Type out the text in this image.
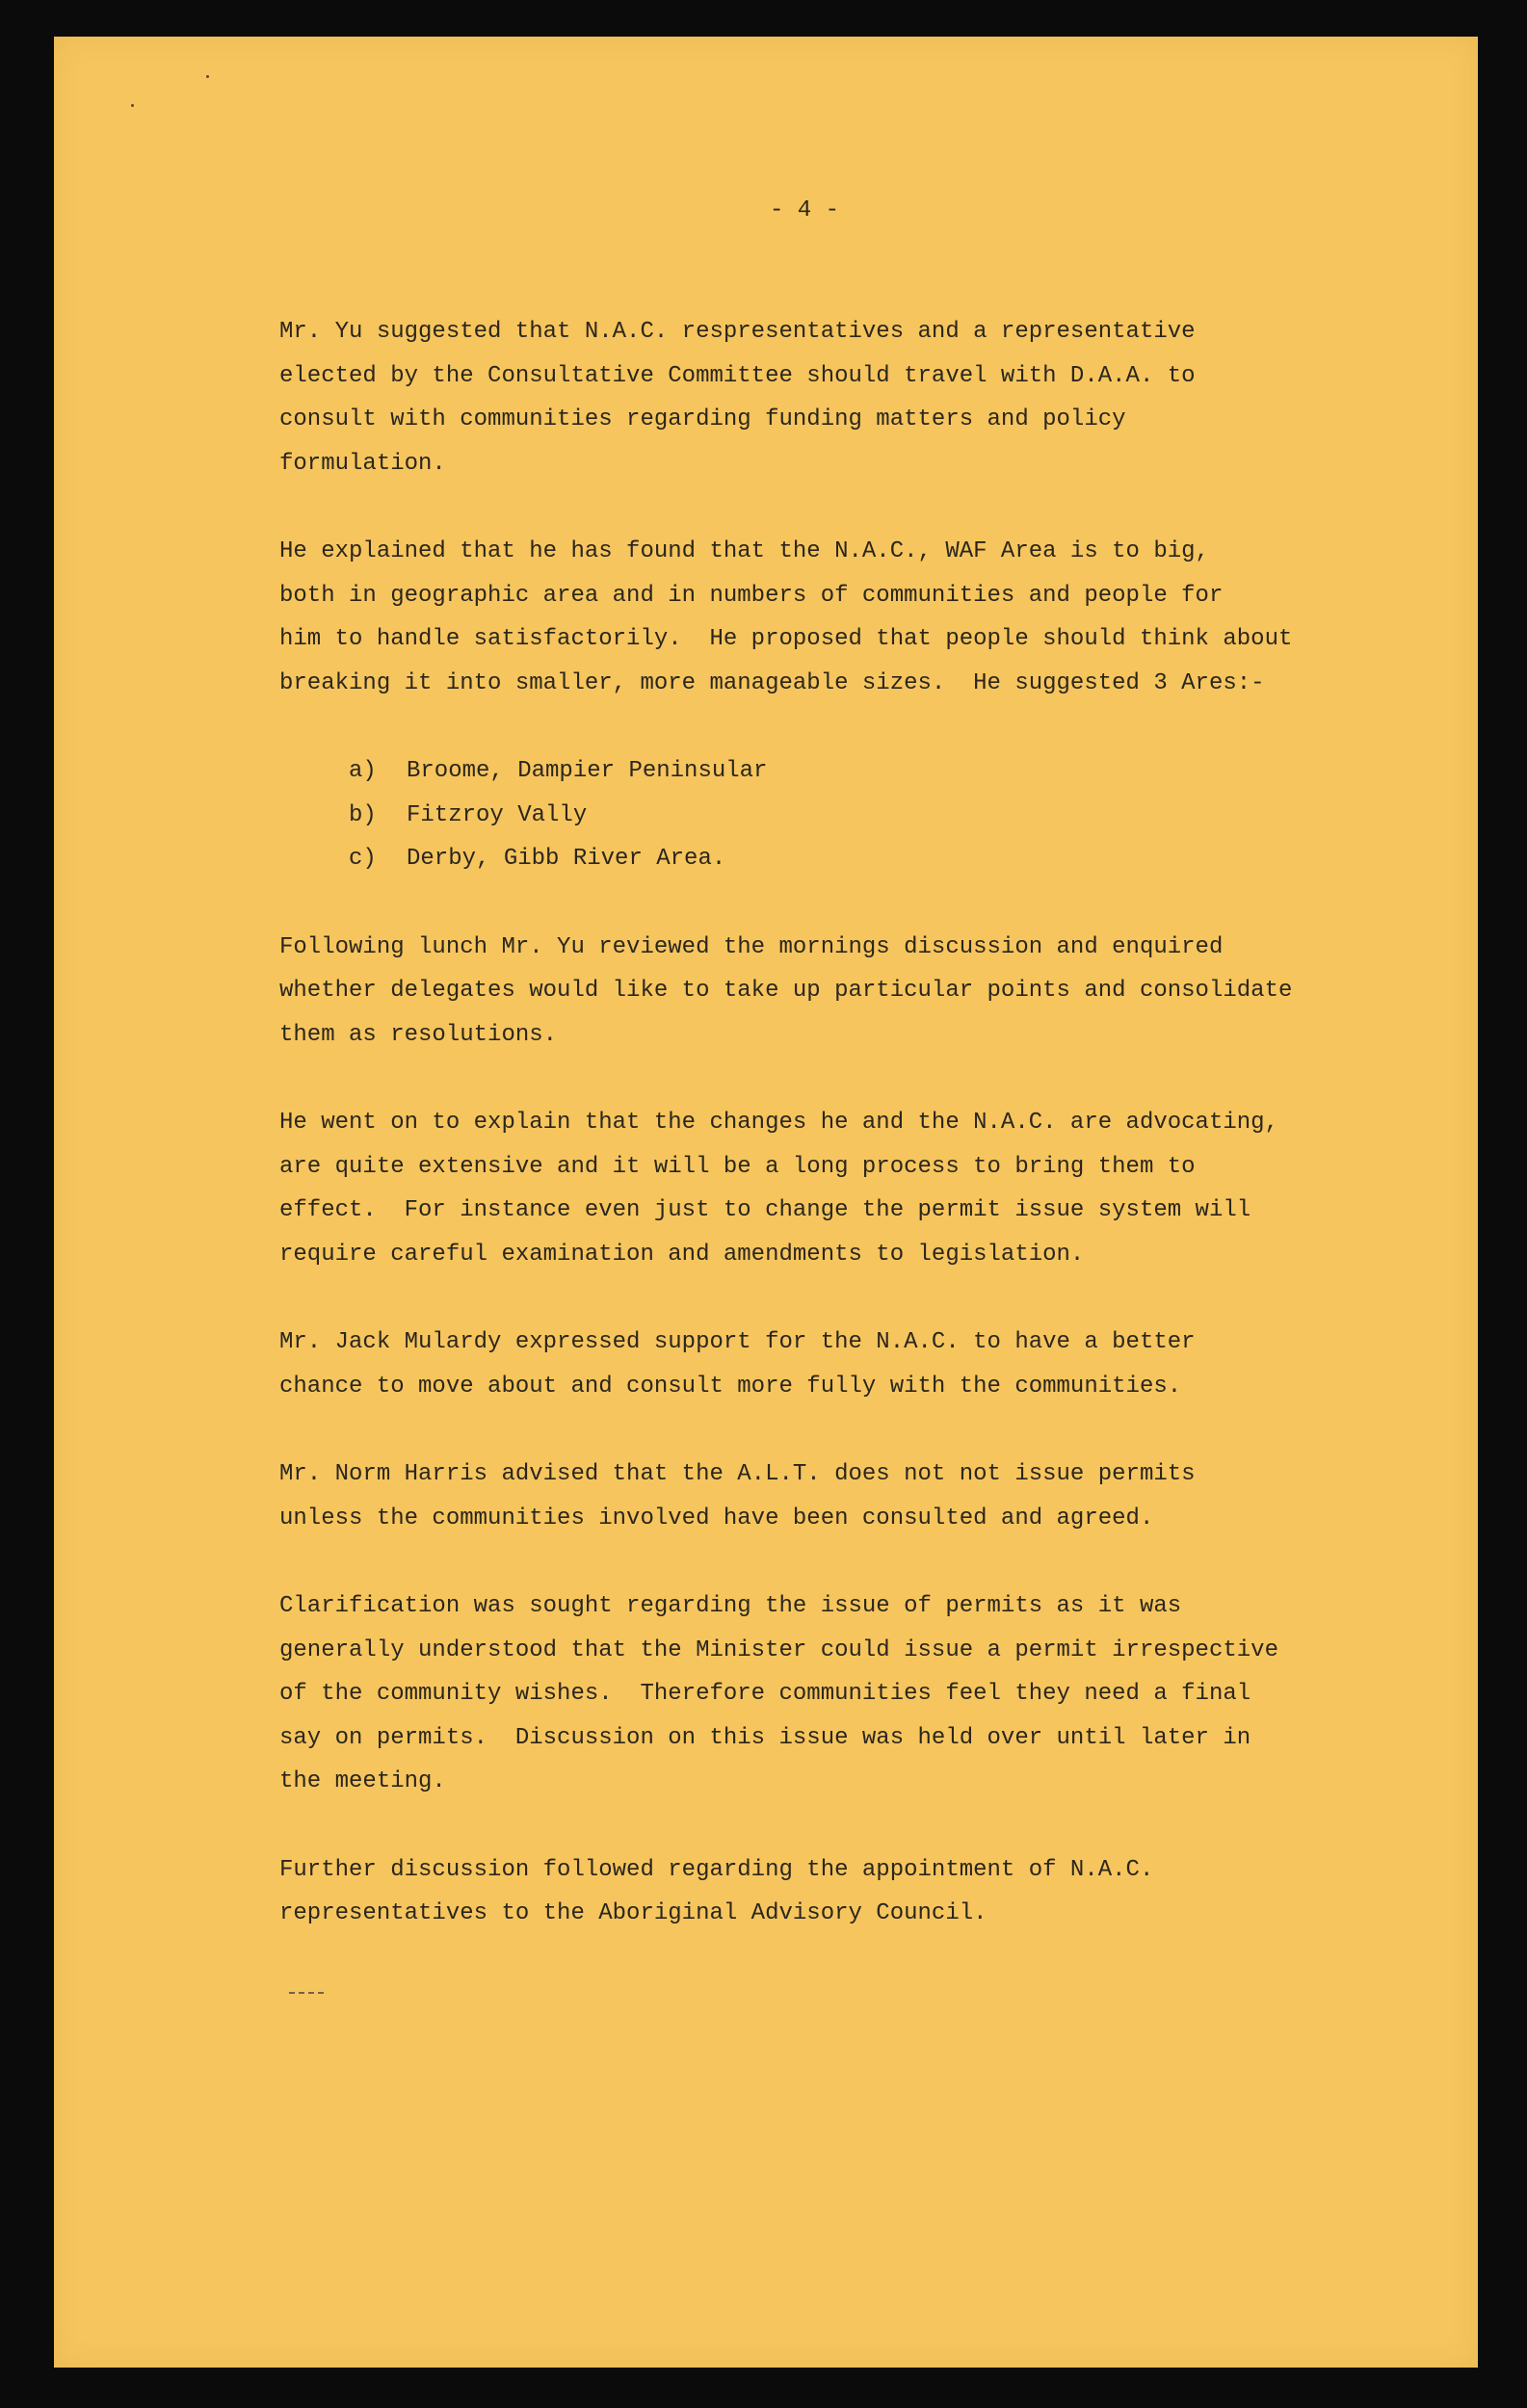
- 4 -
Mr. Yu suggested that N.A.C. respresentatives and a representative
elected by the Consultative Committee should travel with D.A.A. to
consult with communities regarding funding matters and policy
formulation.
He explained that he has found that the N.A.C., WAF Area is to big,
both in geographic area and in numbers of communities and people for
him to handle satisfactorily.  He proposed that people should think about
breaking it into smaller, more manageable sizes.  He suggested 3 Ares:-
a)	Broome, Dampier Peninsular
b)	Fitzroy Vally
c)	Derby, Gibb River Area.
Following lunch Mr. Yu reviewed the mornings discussion and enquired
whether delegates would like to take up particular points and consolidate
them as resolutions.
He went on to explain that the changes he and the N.A.C. are advocating,
are quite extensive and it will be a long process to bring them to
effect.  For instance even just to change the permit issue system will
require careful examination and amendments to legislation.
Mr. Jack Mulardy expressed support for the N.A.C. to have a better
chance to move about and consult more fully with the communities.
Mr. Norm Harris advised that the A.L.T. does not not issue permits
unless the communities involved have been consulted and agreed.
Clarification was sought regarding the issue of permits as it was
generally understood that the Minister could issue a permit irrespective
of the community wishes.  Therefore communities feel they need a final
say on permits.  Discussion on this issue was held over until later in
the meeting.
Further discussion followed regarding the appointment of N.A.C.
representatives to the Aboriginal Advisory Council.
